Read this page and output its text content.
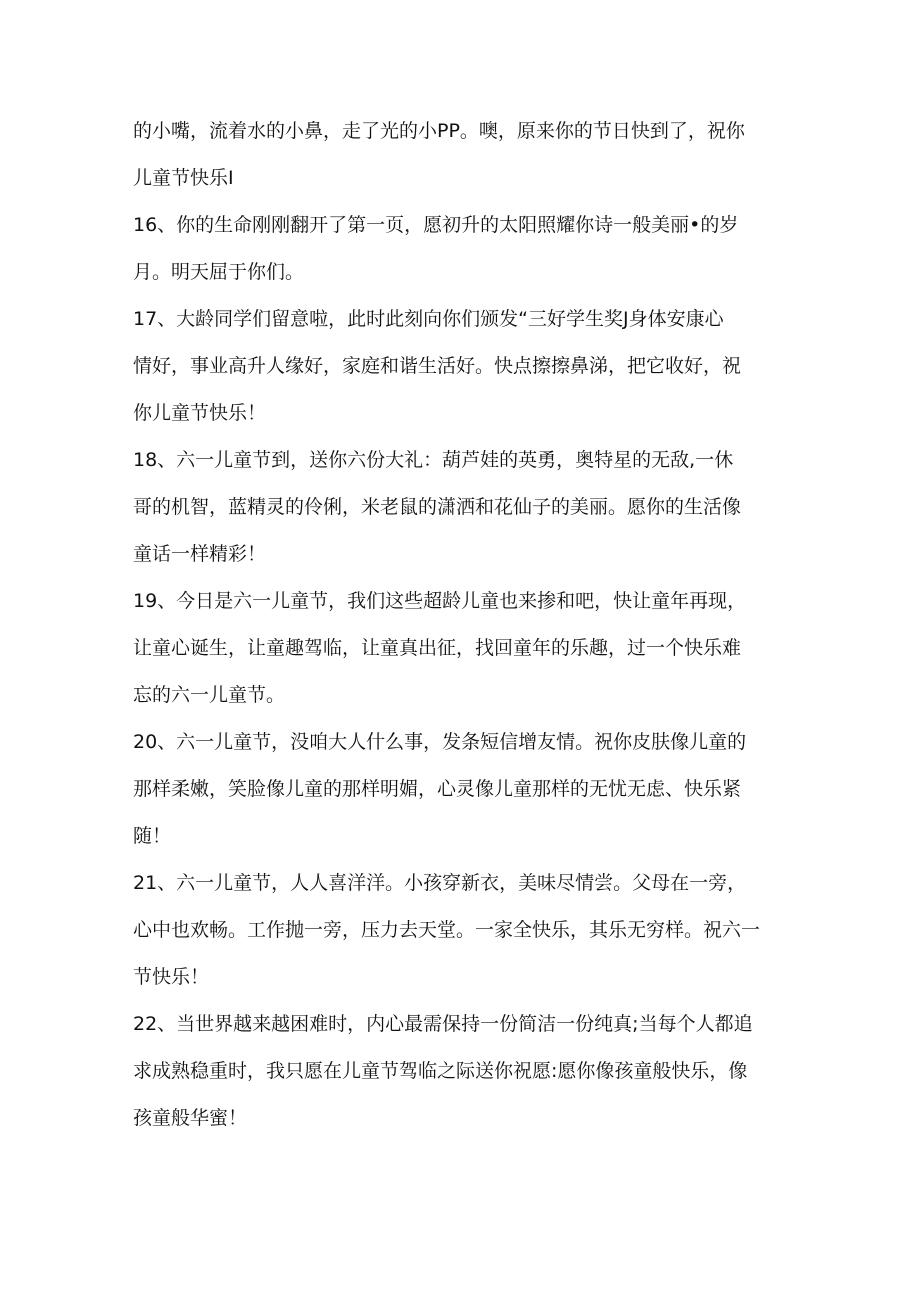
的小嘴，流着水的小鼻，走了光的小PP。噢，原来你的节日快到了，祝你
儿童节快乐I

16、你的生命刚刚翻开了第一页，愿初升的太阳照耀你诗一般美丽•的岁
月。明天屈于你们。

17、大龄同学们留意啦，此时此刻向你们颁发“三好学生奖J身体安康心
情好，事业高升人缘好，家庭和谐生活好。快点擦擦鼻涕，把它收好，祝
你儿童节快乐！

18、六一儿童节到，送你六份大礼：葫芦娃的英勇，奥特星的无敌,一休
哥的机智，蓝精灵的伶俐，米老鼠的潇洒和花仙子的美丽。愿你的生活像
童话一样精彩！

19、今日是六一儿童节，我们这些超龄儿童也来掺和吧，快让童年再现，
让童心诞生，让童趣驾临，让童真出征，找回童年的乐趣，过一个快乐难
忘的六一儿童节。

20、六一儿童节，没咱大人什么事，发条短信增友情。祝你皮肤像儿童的
那样柔嫩，笑脸像儿童的那样明媚，心灵像儿童那样的无忧无虑、快乐紧
随！

21、六一儿童节，人人喜洋洋。小孩穿新衣，美味尽情尝。父母在一旁，
心中也欢畅。工作抛一旁，压力去天堂。一家全快乐，其乐无穷样。祝六一
节快乐！

22、当世界越来越困难时，内心最需保持一份简洁一份纯真;当每个人都追
求成熟稳重时，我只愿在儿童节驾临之际送你祝愿:愿你像孩童般快乐，像
孩童般华蜜！
